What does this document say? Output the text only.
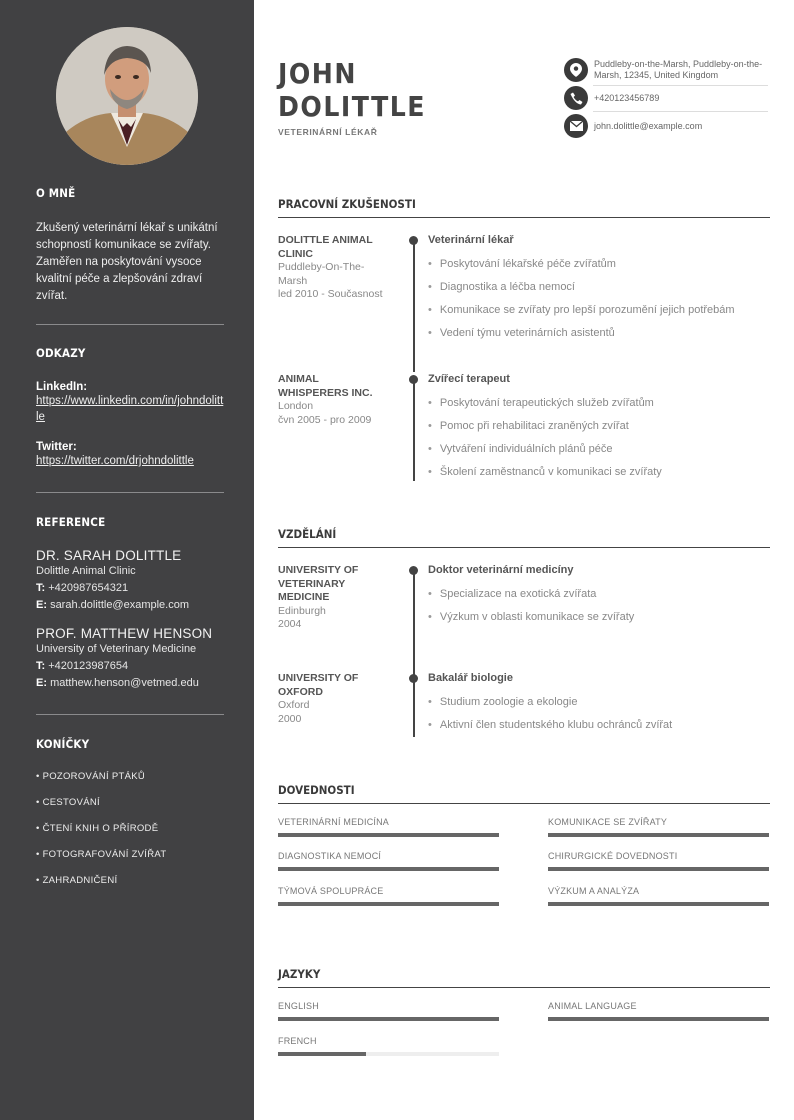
O MNĚ
Zkušený veterinární lékař s unikátní schopností komunikace se zvířaty. Zaměřen na poskytování vysoce kvalitní péče a zlepšování zdraví zvířat.
ODKAZY
LinkedIn:
https://www.linkedin.com/in/johndolittle
Twitter:
https://twitter.com/drjohndolittle
REFERENCE
DR. SARAH DOLITTLE
Dolittle Animal Clinic
T: +420987654321
E: sarah.dolittle@example.com
PROF. MATTHEW HENSON
University of Veterinary Medicine
T: +420123987654
E: matthew.henson@vetmed.edu
KONÍČKY
• POZOROVÁNÍ PTÁKŮ
• CESTOVÁNÍ
• ČTENÍ KNIH O PŘÍRODĚ
• FOTOGRAFOVÁNÍ ZVÍŘAT
• ZAHRADNIČENÍ
JOHN
DOLITTLE
VETERINÁRNÍ LÉKAŘ
Puddleby-on-the-Marsh, Puddleby-on-the-Marsh, 12345, United Kingdom
+420123456789
john.dolittle@example.com
PRACOVNÍ ZKUŠENOSTI
DOLITTLE ANIMAL CLINIC
Puddleby-On-The-Marsh
led 2010 - Současnost
Veterinární lékař
• Poskytování lékařské péče zvířatům
• Diagnostika a léčba nemocí
• Komunikace se zvířaty pro lepší porozumění jejich potřebám
• Vedení týmu veterinárních asistentů
ANIMAL WHISPERERS INC.
London
čvn 2005 - pro 2009
Zvířecí terapeut
• Poskytování terapeutických služeb zvířatům
• Pomoc při rehabilitaci zraněných zvířat
• Vytváření individuálních plánů péče
• Školení zaměstnanců v komunikaci se zvířaty
VZDĚLÁNÍ
UNIVERSITY OF VETERINARY MEDICINE
Edinburgh
2004
Doktor veterinární medicíny
• Specializace na exotická zvířata
• Výzkum v oblasti komunikace se zvířaty
UNIVERSITY OF OXFORD
Oxford
2000
Bakalář biologie
• Studium zoologie a ekologie
• Aktivní člen studentského klubu ochránců zvířat
DOVEDNOSTI
VETERINÁRNÍ MEDICÍNA	KOMUNIKACE SE ZVÍŘATY
DIAGNOSTIKA NEMOCÍ	CHIRURGICKÉ DOVEDNOSTI
TÝMOVÁ SPOLUPRÁCE	VÝZKUM A ANALÝZA
JAZYKY
ENGLISH	ANIMAL LANGUAGE
FRENCH
